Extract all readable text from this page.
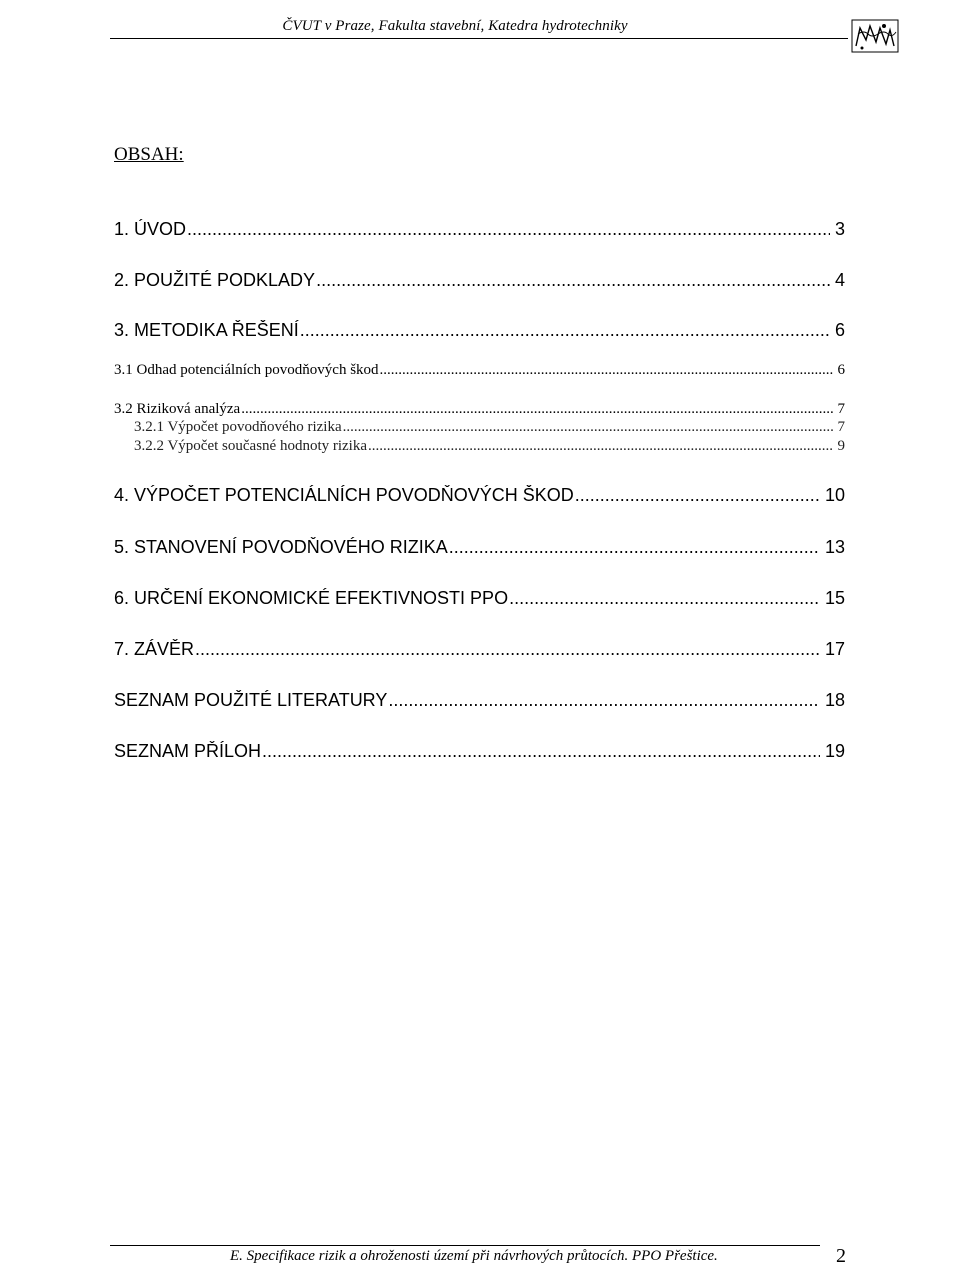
ČVUT v Praze, Fakulta stavební, Katedra hydrotechniky
OBSAH:
1. ÚVOD .....	3
2. POUŽITÉ PODKLADY .....	4
3. METODIKA ŘEŠENÍ .....	6
3.1 Odhad potenciálních povodňových škod .....	6
3.2 Riziková analýza .....	7
3.2.1 Výpočet povodňového rizika .....	7
3.2.2 Výpočet současné hodnoty rizika .....	9
4. VÝPOČET POTENCIÁLNÍCH POVODŇOVÝCH ŠKOD .....	10
5. STANOVENÍ POVODŇOVÉHO RIZIKA .....	13
6. URČENÍ EKONOMICKÉ EFEKTIVNOSTI PPO .....	15
7. ZÁVĚR .....	17
SEZNAM POUŽITÉ LITERATURY .....	18
SEZNAM PŘÍLOH .....	19
E. Specifikace rizik a ohroženosti území při návrhových průtocích. PPO Přeštice.	2
